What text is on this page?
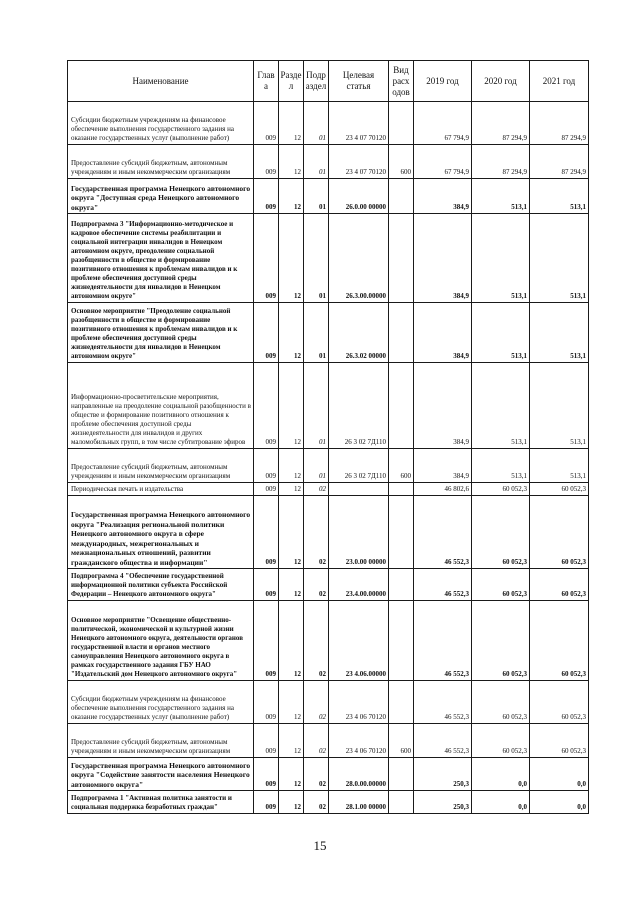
Наименование	Глав а	Разде л	Подр аздел	Целевая статья	Вид расх одов	2019 год	2020 год	2021 год
Субсидии бюджетным учреждениям на финансовое обеспечение выполнения государственного задания на оказание государственных услуг (выполнение работ)	009	12	01	23 4 07 70120		67 794,9	87 294,9	87 294,9
Предоставление субсидий бюджетным, автономным учреждениям и иным некоммерческим организациям	009	12	01	23 4 07 70120	600	67 794,9	87 294,9	87 294,9
Государственная программа Ненецкого автономного округа "Доступная среда Ненецкого автономного округа"	009	12	01	26.0.00 00000		384,9	513,1	513,1
Подпрограмма 3 "Информационно-методическое и кадровое обеспечение системы реабилитации и социальной интеграции инвалидов в Ненецком автономном округе, преодоление социальной разобщенности в обществе и формирование позитивного отношения к проблемам инвалидов и к проблеме обеспечения доступной среды жизнедеятельности для инвалидов в Ненецком автономном округе"	009	12	01	26.3.00.00000		384,9	513,1	513,1
Основное мероприятие "Преодоление социальной разобщенности в обществе и формирование позитивного отношения к проблемам инвалидов и к проблеме обеспечения доступной среды жизнедеятельности для инвалидов в Ненецком автономном округе"	009	12	01	26.3.02 00000		384,9	513,1	513,1
Информационно-просветительские мероприятия, направленные на преодоление социальной разобщенности в обществе и формирование позитивного отношения к проблеме обеспечения доступной среды жизнедеятельности для инвалидов и других маломобильных групп, в том числе субтитрование эфиров	009	12	01	26 3 02 7Д110		384,9	513,1	513,1
Предоставление субсидий бюджетным, автономным учреждениям и иным некоммерческим организациям	009	12	01	26 3 02 7Д110	600	384,9	513,1	513,1
Периодическая печать и издательства	009	12	02			46 802,6	60 052,3	60 052,3
Государственная программа Ненецкого автономного округа "Реализация региональной политики Ненецкого автономного округа в сфере международных, межрегиональных и межнациональных отношений, развитии гражданского общества и информации"	009	12	02	23.0.00 00000		46 552,3	60 052,3	60 052,3
Подпрограмма 4 "Обеспечение государственной информационной политики субъекта Российской Федерации – Ненецкого автономного округа"	009	12	02	23.4.00.00000		46 552,3	60 052,3	60 052,3
Основное мероприятие "Освещение общественно-политической, экономической и культурной жизни Ненецкого автономного округа, деятельности органов государственной власти и органов местного самоуправления Ненецкого автономного округа в рамках государственного задания ГБУ НАО "Издательский дом Ненецкого автономного округа"	009	12	02	23 4.06.00000		46 552,3	60 052,3	60 052,3
Субсидии бюджетным учреждениям на финансовое обеспечение выполнения государственного задания на оказание государственных услуг (выполнение работ)	009	12	02	23 4 06 70120		46 552,3	60 052,3	60 052,3
Предоставление субсидий бюджетным, автономным учреждениям и иным некоммерческим организациям	009	12	02	23 4 06 70120	600	46 552,3	60 052,3	60 052,3
Государственная программа Ненецкого автономного округа "Содействие занятости населения Ненецкого автономного округа"	009	12	02	28.0.00.00000		250,3	0,0	0,0
Подпрограмма 1 "Активная политика занятости и социальная поддержка безработных граждан"	009	12	02	28.1.00 00000		250,3	0,0	0,0
15
